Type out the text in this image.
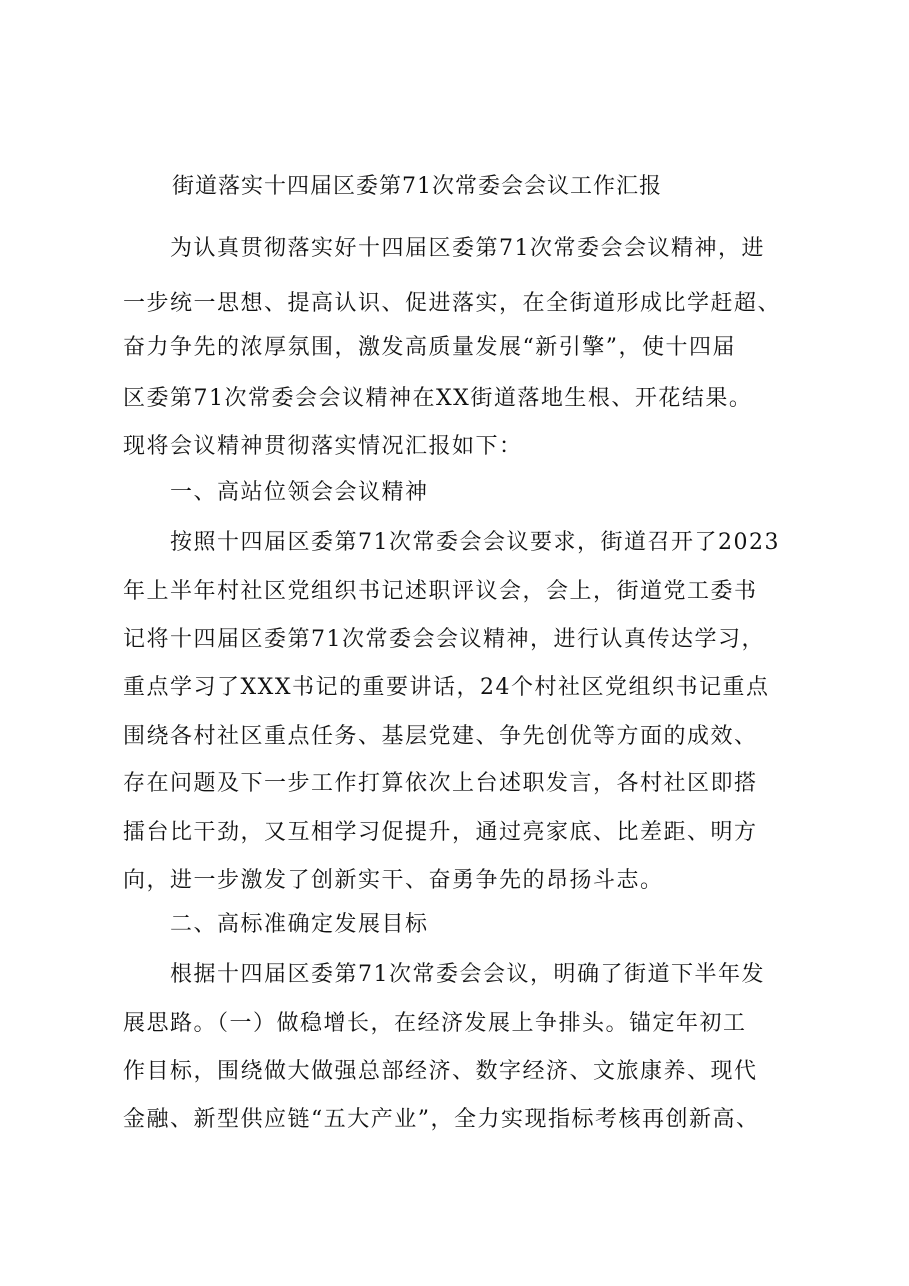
街道落实十四届区委第71次常委会会议工作汇报
　　为认真贯彻落实好十四届区委第71次常委会会议精神，进
一步统一思想、提高认识、促进落实，在全街道形成比学赶超、
奋力争先的浓厚氛围，激发高质量发展“新引擎”，使十四届
区委第71次常委会会议精神在XX街道落地生根、开花结果。
现将会议精神贯彻落实情况汇报如下：
　　一、高站位领会会议精神
　　按照十四届区委第71次常委会会议要求，街道召开了2023
年上半年村社区党组织书记述职评议会，会上，街道党工委书
记将十四届区委第71次常委会会议精神，进行认真传达学习，
重点学习了XXX书记的重要讲话，24个村社区党组织书记重点
围绕各村社区重点任务、基层党建、争先创优等方面的成效、
存在问题及下一步工作打算依次上台述职发言，各村社区即搭
擂台比干劲，又互相学习促提升，通过亮家底、比差距、明方
向，进一步激发了创新实干、奋勇争先的昂扬斗志。
　　二、高标准确定发展目标
　　根据十四届区委第71次常委会会议，明确了街道下半年发
展思路。（一）做稳增长，在经济发展上争排头。锚定年初工
作目标，围绕做大做强总部经济、数字经济、文旅康养、现代
金融、新型供应链“五大产业”，全力实现指标考核再创新高、
